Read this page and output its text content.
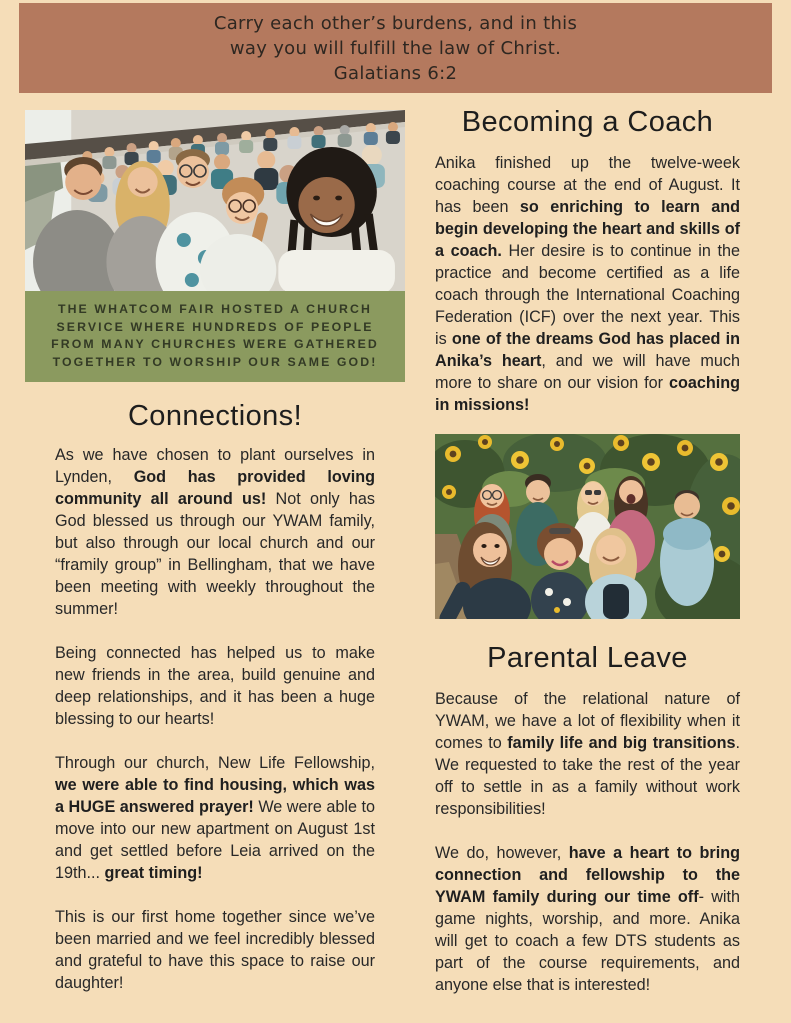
Carry each other’s burdens, and in this
way you will fulfill the law of Christ.
Galatians 6:2
THE WHATCOM FAIR HOSTED A CHURCH SERVICE WHERE HUNDREDS OF PEOPLE FROM MANY CHURCHES WERE GATHERED TOGETHER TO WORSHIP OUR SAME GOD!
Connections!

As we have chosen to plant ourselves in Lynden, God has provided loving community all around us! Not only has God blessed us through our YWAM family, but also through our local church and our “framily group” in Bellingham, that we have been meeting with weekly throughout the summer!

Being connected has helped us to make new friends in the area, build genuine and deep relationships, and it has been a huge blessing to our hearts!

Through our church, New Life Fellowship, we were able to find housing, which was a HUGE answered prayer! We were able to move into our new apartment on August 1st and get settled before Leia arrived on the 19th... great timing!

This is our first home together since we’ve been married and we feel incredibly blessed and grateful to have this space to raise our daughter!

Becoming a Coach

Anika finished up the twelve-week coaching course at the end of August. It has been so enriching to learn and begin developing the heart and skills of a coach. Her desire is to continue in the practice and become certified as a life coach through the International Coaching Federation (ICF) over the next year. This is one of the dreams God has placed in Anika’s heart, and we will have much more to share on our vision for coaching in missions!

Parental Leave

Because of the relational nature of YWAM, we have a lot of flexibility when it comes to family life and big transitions. We requested to take the rest of the year off to settle in as a family without work responsibilities!

We do, however, have a heart to bring connection and fellowship to the YWAM family during our time off- with game nights, worship, and more. Anika will get to coach a few DTS students as part of the course requirements, and anyone else that is interested!
